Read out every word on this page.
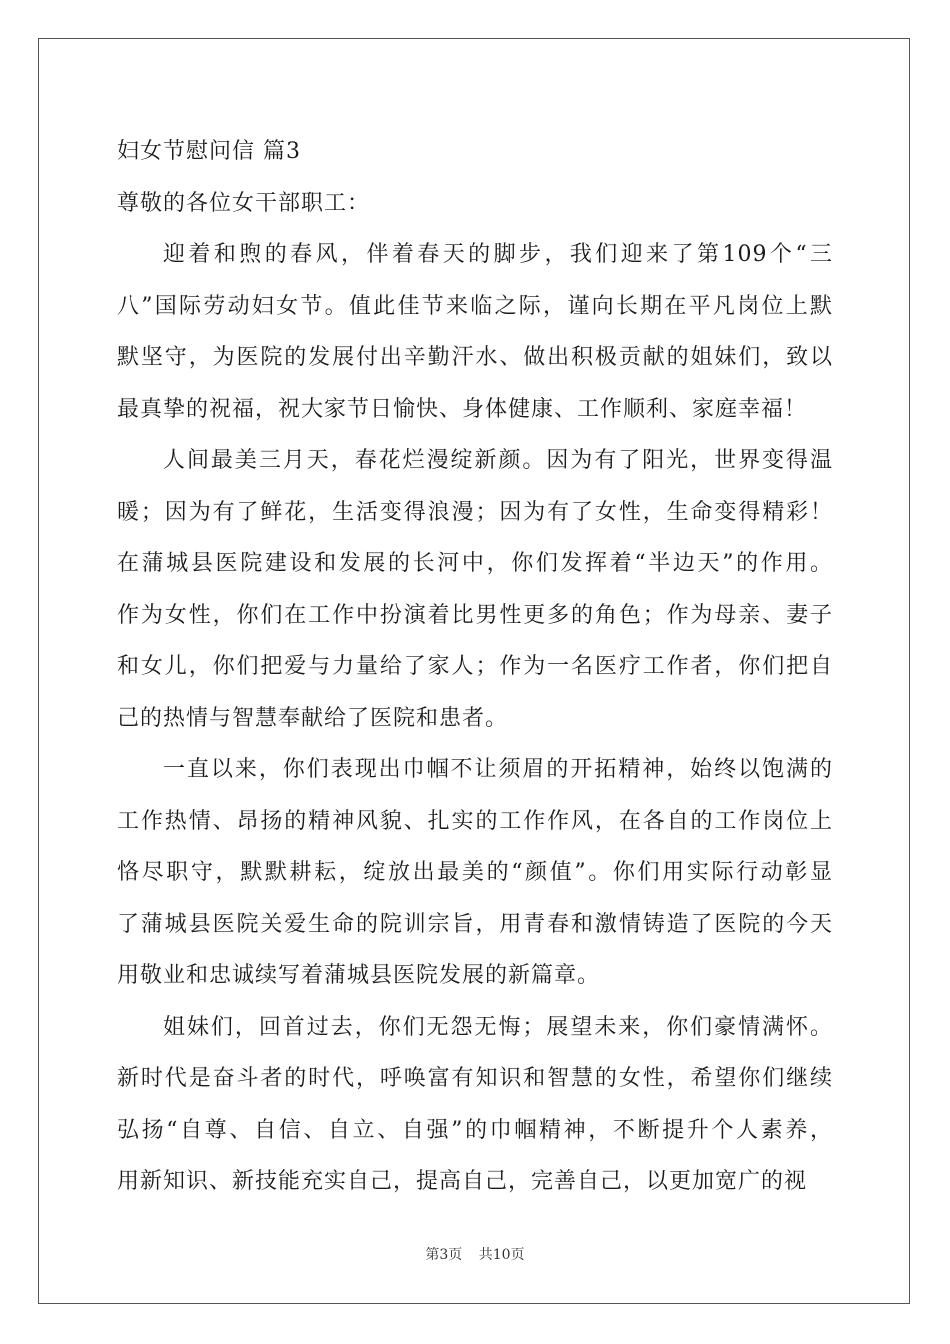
妇女节慰问信 篇3

尊敬的各位女干部职工：

迎着和煦的春风，伴着春天的脚步，我们迎来了第109个“三
八”国际劳动妇女节。值此佳节来临之际，谨向长期在平凡岗位上默
默坚守，为医院的发展付出辛勤汗水、做出积极贡献的姐妹们，致以
最真挚的祝福，祝大家节日愉快、身体健康、工作顺利、家庭幸福！
人间最美三月天，春花烂漫绽新颜。因为有了阳光，世界变得温
暖；因为有了鲜花，生活变得浪漫；因为有了女性，生命变得精彩！
在蒲城县医院建设和发展的长河中，你们发挥着“半边天”的作用。
作为女性，你们在工作中扮演着比男性更多的角色；作为母亲、妻子
和女儿，你们把爱与力量给了家人；作为一名医疗工作者，你们把自
己的热情与智慧奉献给了医院和患者。
一直以来，你们表现出巾帼不让须眉的开拓精神，始终以饱满的
工作热情、昂扬的精神风貌、扎实的工作作风，在各自的工作岗位上
恪尽职守，默默耕耘，绽放出最美的“颜值”。你们用实际行动彰显
了蒲城县医院关爱生命的院训宗旨，用青春和激情铸造了医院的今天
用敬业和忠诚续写着蒲城县医院发展的新篇章。
姐妹们，回首过去，你们无怨无悔；展望未来，你们豪情满怀。
新时代是奋斗者的时代，呼唤富有知识和智慧的女性，希望你们继续
弘扬“自尊、自信、自立、自强”的巾帼精神，不断提升个人素养，
用新知识、新技能充实自己，提高自己，完善自己，以更加宽广的视
第3页 共10页
